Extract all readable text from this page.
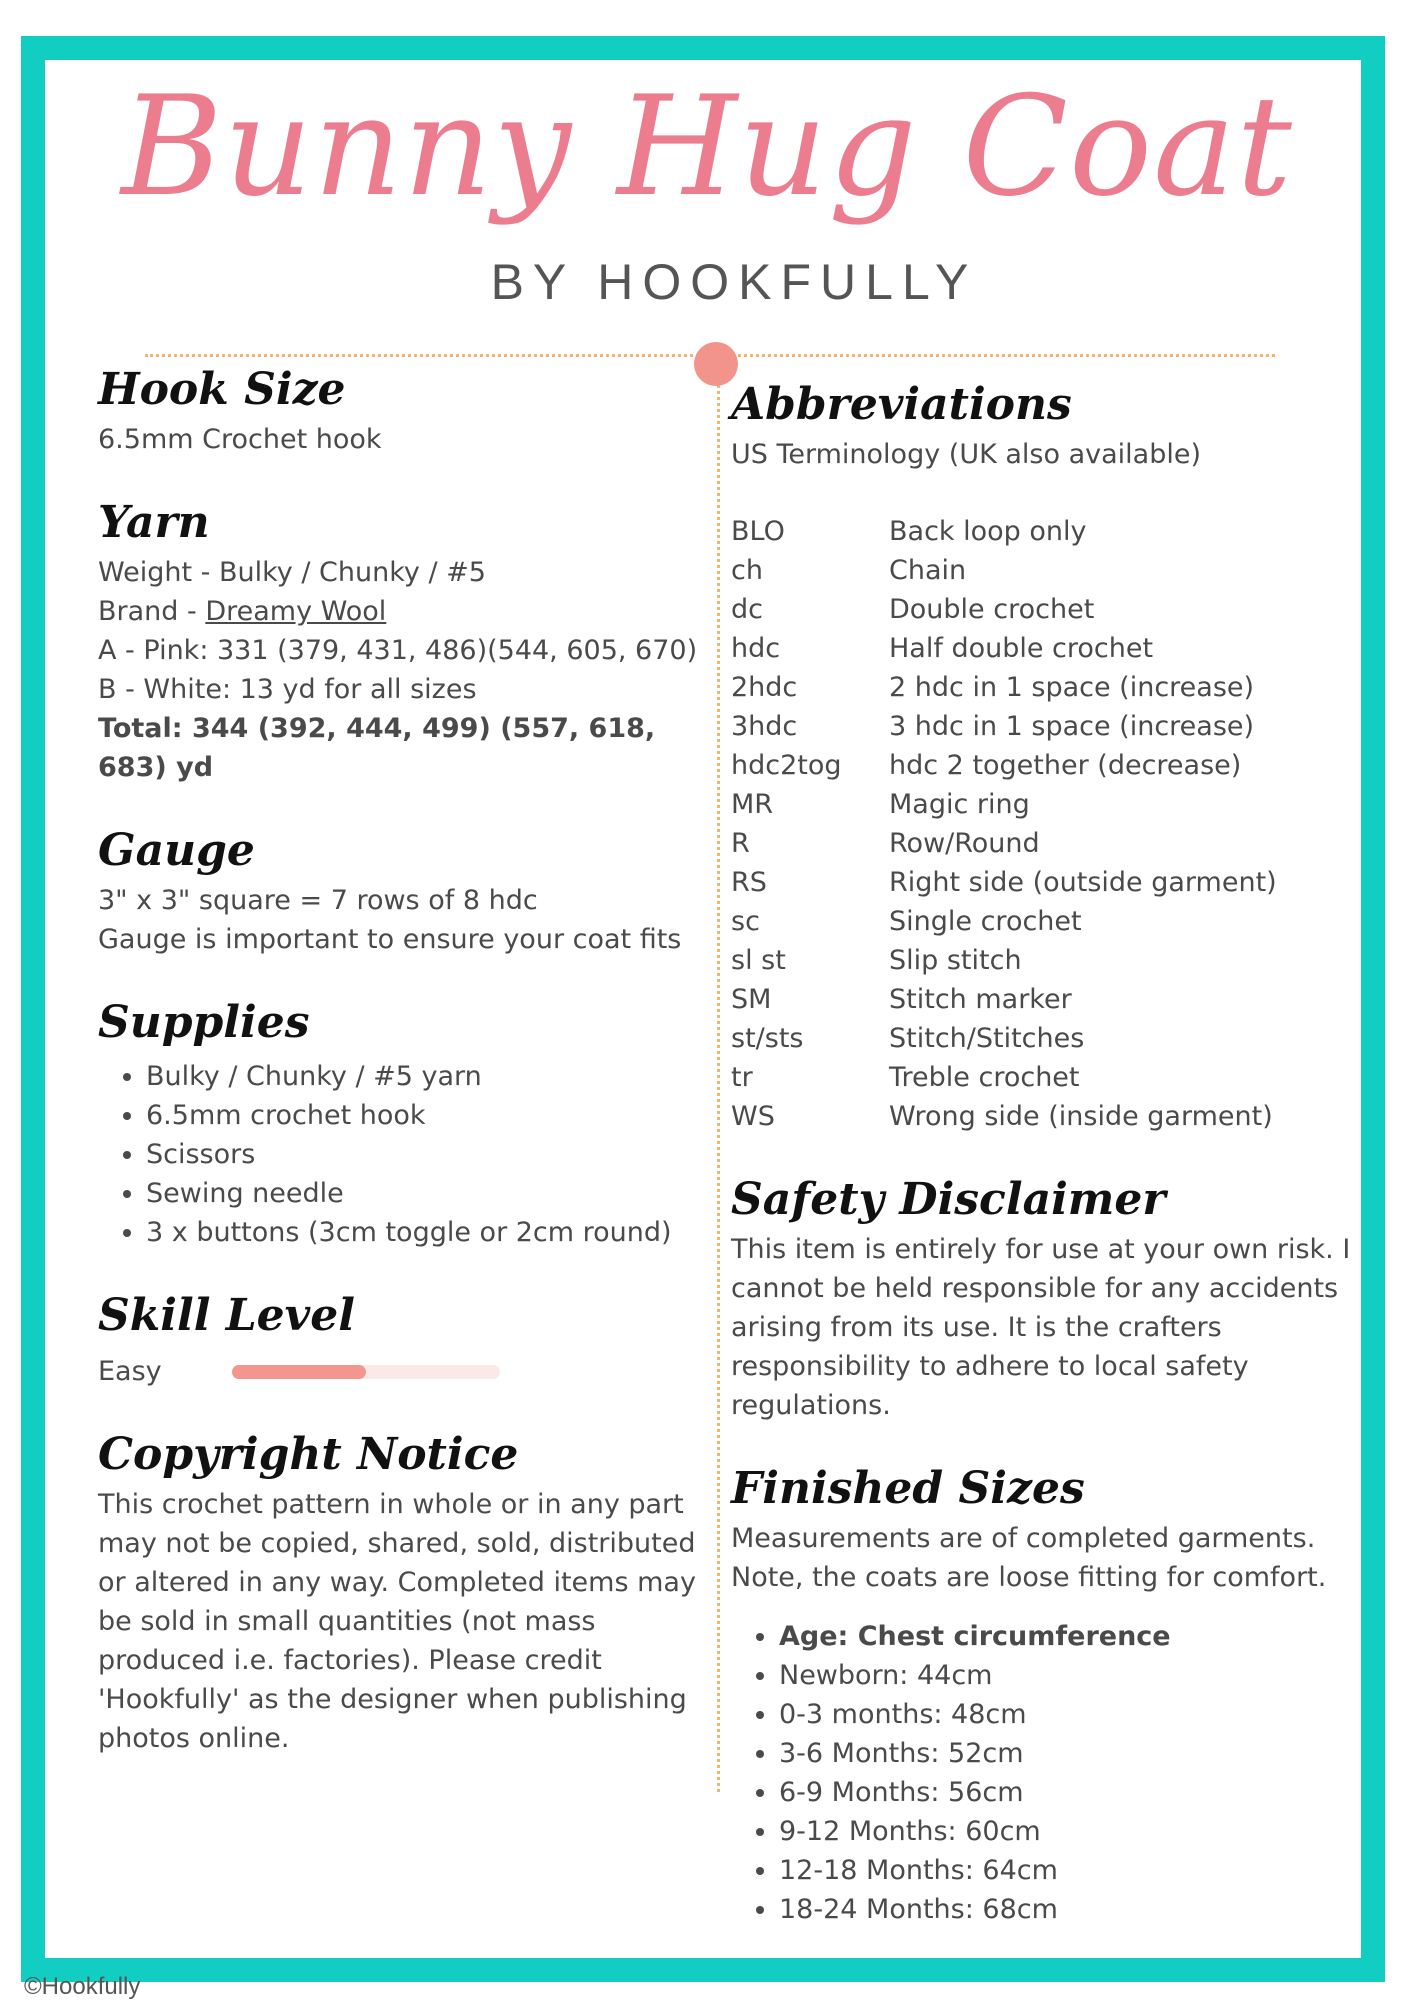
Bunny Hug Coat
BY HOOKFULLY
Hook Size

6.5mm Crochet hook

Yarn

Weight - Bulky / Chunky / #5

Brand - Dreamy Wool

A - Pink: 331 (379, 431, 486)(544, 605, 670)

B - White: 13 yd for all sizes

Total: 344 (392, 444, 499) (557, 618, 683) yd

Gauge

3" x 3" square = 7 rows of 8 hdc

Gauge is important to ensure your coat fits

Supplies
• Bulky / Chunky / #5 yarn
• 6.5mm crochet hook
• Scissors
• Sewing needle
• 3 x buttons (3cm toggle or 2cm round)
Skill Level
Easy
Copyright Notice

This crochet pattern in whole or in any part may not be copied, shared, sold, distributed or altered in any way. Completed items may be sold in small quantities (not mass produced i.e. factories). Please credit 'Hookfully' as the designer when publishing photos online.

Abbreviations

US Terminology (UK also available)

BLO	Back loop only
ch	Chain
dc	Double crochet
hdc	Half double crochet
2hdc	2 hdc in 1 space (increase)
3hdc	3 hdc in 1 space (increase)
hdc2tog	hdc 2 together (decrease)
MR	Magic ring
R	Row/Round
RS	Right side (outside garment)
sc	Single crochet
sl st	Slip stitch
SM	Stitch marker
st/sts	Stitch/Stitches
tr	Treble crochet
WS	Wrong side (inside garment)
Safety Disclaimer

This item is entirely for use at your own risk. I cannot be held responsible for any accidents arising from its use. It is the crafters responsibility to adhere to local safety regulations.

Finished Sizes

Measurements are of completed garments. Note, the coats are loose fitting for comfort.

• Age: Chest circumference
• Newborn: 44cm
• 0-3 months: 48cm
• 3-6 Months: 52cm
• 6-9 Months: 56cm
• 9-12 Months: 60cm
• 12-18 Months: 64cm
• 18-24 Months: 68cm
©Hookfully
